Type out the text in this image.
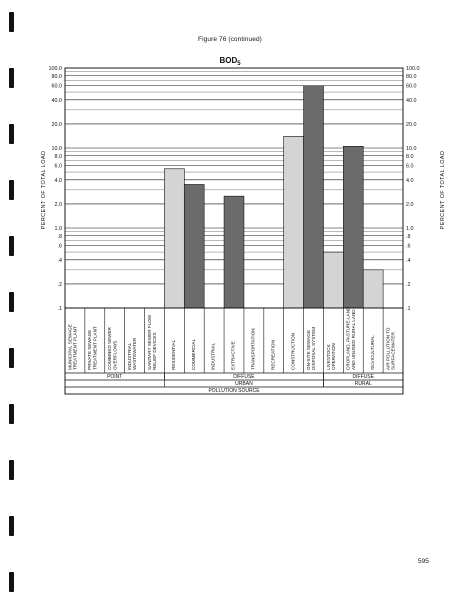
Figure 76 (continued)
$BOD_5$
PERCENT OF TOTAL LOAD	PERCENT OF TOTAL LOAD
100.0	100.0
80.0	80.0
60.0	60.0
40.0	40.0
20.0	20.0
10.0	10.0
8.0	8.0
6.0	6.0
4.0	4.0
2.0	2.0
1.0	1.0
.8	.8
.6	.6
.4	.4
.2	.2
.1	.1
MUNICIPAL SEWAGETREATMENT PLANT PRIVATE SEWAGETREATMENT PLANT COMBINED SEWEROVERFLOWS INDUSTRIALWASTEWATER SANITARY SEWER FLOWRELIEF DEVICES	RESIDENTIAL	COMMERCIAL	INDUSTRIAL	EXTRACTIVE	TRANSPORTATION	RECREATION	CONSTRUCTION ON-SITE SEWAGEDISPOSAL SYSTEM LIVESTOCKOPERATION CROPLAND, PASTURE-LANDAND UNUSED RURAL LAND	SILVICULTURAL AIR POLLUTION TOSURFACEWATER
POINT	DIFFUSE	DIFFUSE
URBAN	RURAL
POLLUTION SOURCE
595
